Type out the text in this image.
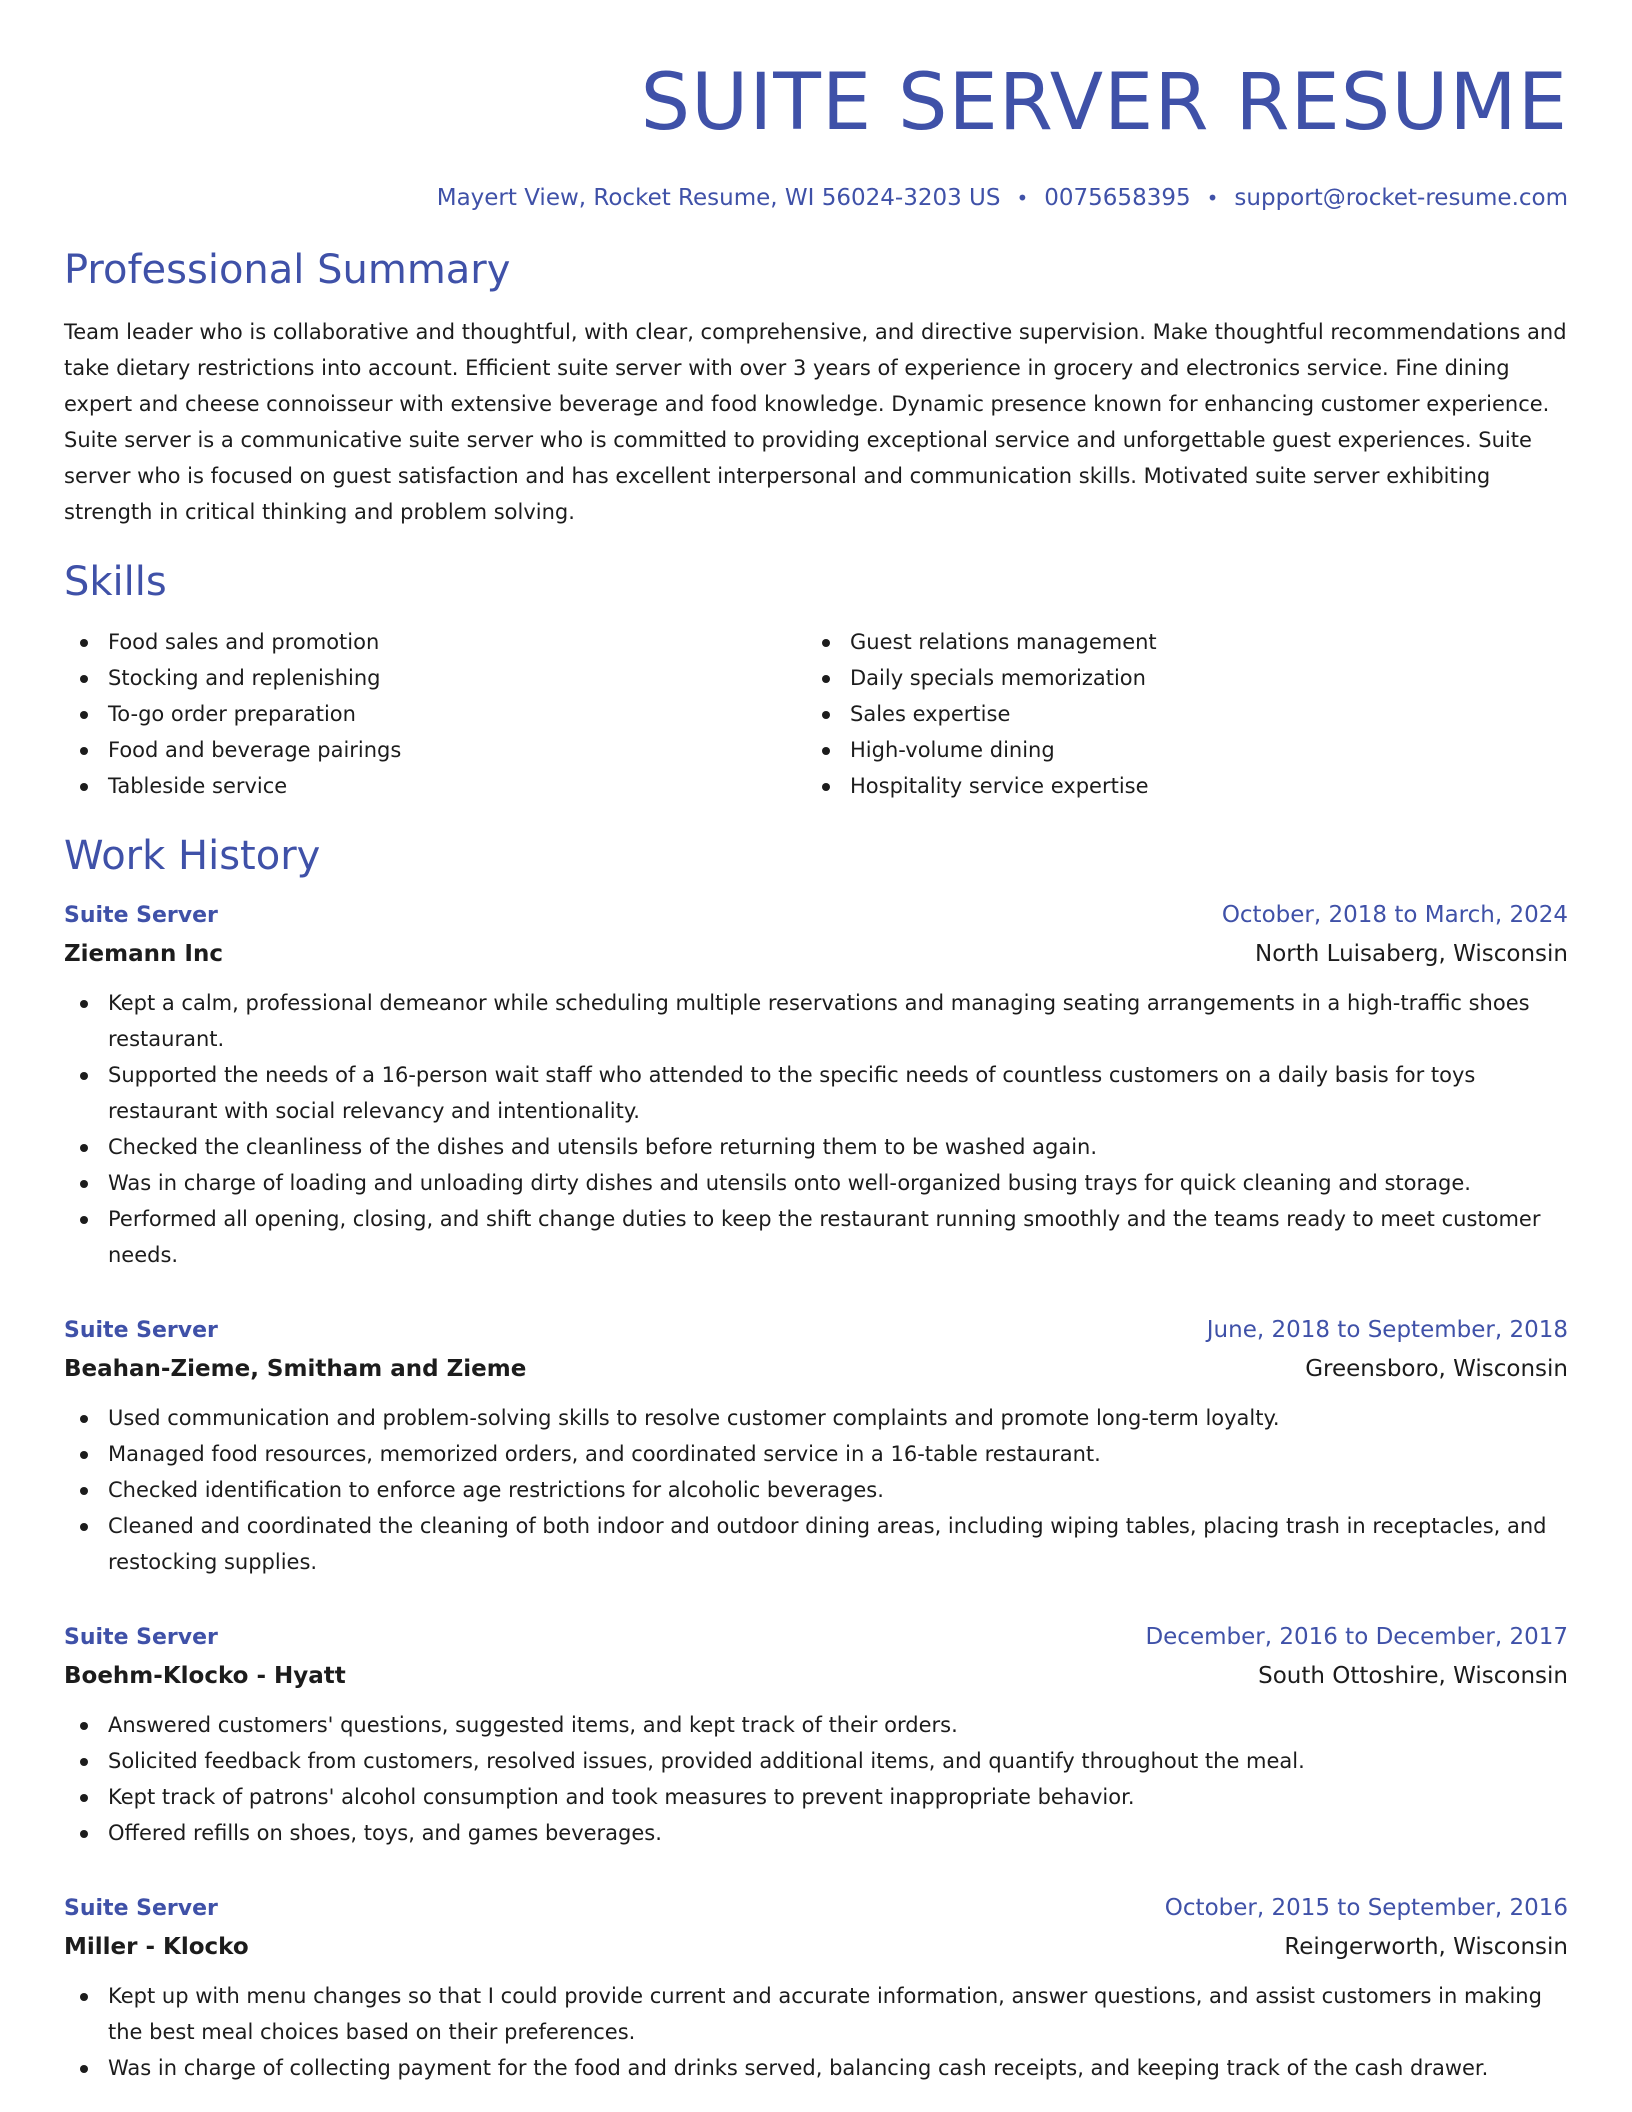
SUITE SERVER RESUME
Mayert View, Rocket Resume, WI 56024-3203 US • 0075658395 • support@rocket-resume.com
Professional Summary
Team leader who is collaborative and thoughtful, with clear, comprehensive, and directive supervision. Make thoughtful recommendations and take dietary restrictions into account. Efficient suite server with over 3 years of experience in grocery and electronics service. Fine dining expert and cheese connoisseur with extensive beverage and food knowledge. Dynamic presence known for enhancing customer experience. Suite server is a communicative suite server who is committed to providing exceptional service and unforgettable guest experiences. Suite server who is focused on guest satisfaction and has excellent interpersonal and communication skills. Motivated suite server exhibiting strength in critical thinking and problem solving.
Skills
Food sales and promotion
Stocking and replenishing
To-go order preparation
Food and beverage pairings
Tableside service
Guest relations management
Daily specials memorization
Sales expertise
High-volume dining
Hospitality service expertise
Work History
Suite Server	October, 2018 to March, 2024
Ziemann Inc	North Luisaberg, Wisconsin
Kept a calm, professional demeanor while scheduling multiple reservations and managing seating arrangements in a high-traffic shoes restaurant.
Supported the needs of a 16-person wait staff who attended to the specific needs of countless customers on a daily basis for toys restaurant with social relevancy and intentionality.
Checked the cleanliness of the dishes and utensils before returning them to be washed again.
Was in charge of loading and unloading dirty dishes and utensils onto well-organized busing trays for quick cleaning and storage.
Performed all opening, closing, and shift change duties to keep the restaurant running smoothly and the teams ready to meet customer needs.
Suite Server	June, 2018 to September, 2018
Beahan-Zieme, Smitham and Zieme	Greensboro, Wisconsin
Used communication and problem-solving skills to resolve customer complaints and promote long-term loyalty.
Managed food resources, memorized orders, and coordinated service in a 16-table restaurant.
Checked identification to enforce age restrictions for alcoholic beverages.
Cleaned and coordinated the cleaning of both indoor and outdoor dining areas, including wiping tables, placing trash in receptacles, and restocking supplies.
Suite Server	December, 2016 to December, 2017
Boehm-Klocko - Hyatt	South Ottoshire, Wisconsin
Answered customers' questions, suggested items, and kept track of their orders.
Solicited feedback from customers, resolved issues, provided additional items, and quantify throughout the meal.
Kept track of patrons' alcohol consumption and took measures to prevent inappropriate behavior.
Offered refills on shoes, toys, and games beverages.
Suite Server	October, 2015 to September, 2016
Miller - Klocko	Reingerworth, Wisconsin
Kept up with menu changes so that I could provide current and accurate information, answer questions, and assist customers in making the best meal choices based on their preferences.
Was in charge of collecting payment for the food and drinks served, balancing cash receipts, and keeping track of the cash drawer.
